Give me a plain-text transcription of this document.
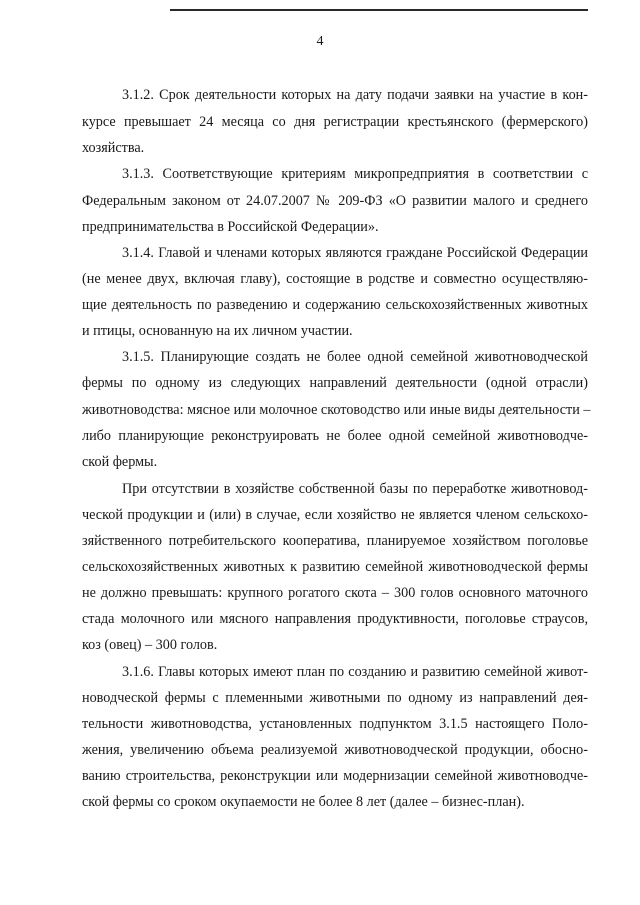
4
3.1.2. Срок деятельности которых на дату подачи заявки на участие в кон-
курсе превышает 24 месяца со дня регистрации крестьянского (фермерского)
хозяйства.
3.1.3. Соответствующие критериям микропредприятия в соответствии с
Федеральным законом от 24.07.2007 № 209-ФЗ «О развитии малого и среднего
предпринимательства в Российской Федерации».
3.1.4. Главой и членами которых являются граждане Российской Федерации
(не менее двух, включая главу), состоящие в родстве и совместно осуществляю-
щие деятельность по разведению и содержанию сельскохозяйственных животных
и птицы, основанную на их личном участии.
3.1.5. Планирующие создать не более одной семейной животноводческой
фермы по одному из следующих направлений деятельности (одной отрасли)
животноводства: мясное или молочное скотоводство или иные виды деятельности –
либо планирующие реконструировать не более одной семейной животноводче-
ской фермы.
При отсутствии в хозяйстве собственной базы по переработке животновод-
ческой продукции и (или) в случае, если хозяйство не является членом сельскохо-
зяйственного потребительского кооператива, планируемое хозяйством поголовье
сельскохозяйственных животных к развитию семейной животноводческой фермы
не должно превышать: крупного рогатого скота – 300 голов основного маточного
стада молочного или мясного направления продуктивности, поголовье страусов,
коз (овец) – 300 голов.
3.1.6. Главы которых имеют план по созданию и развитию семейной живот-
новодческой фермы с племенными животными по одному из направлений дея-
тельности животноводства, установленных подпунктом 3.1.5 настоящего Поло-
жения, увеличению объема реализуемой животноводческой продукции, обосно-
ванию строительства, реконструкции или модернизации семейной животноводче-
ской фермы со сроком окупаемости не более 8 лет (далее – бизнес-план).
